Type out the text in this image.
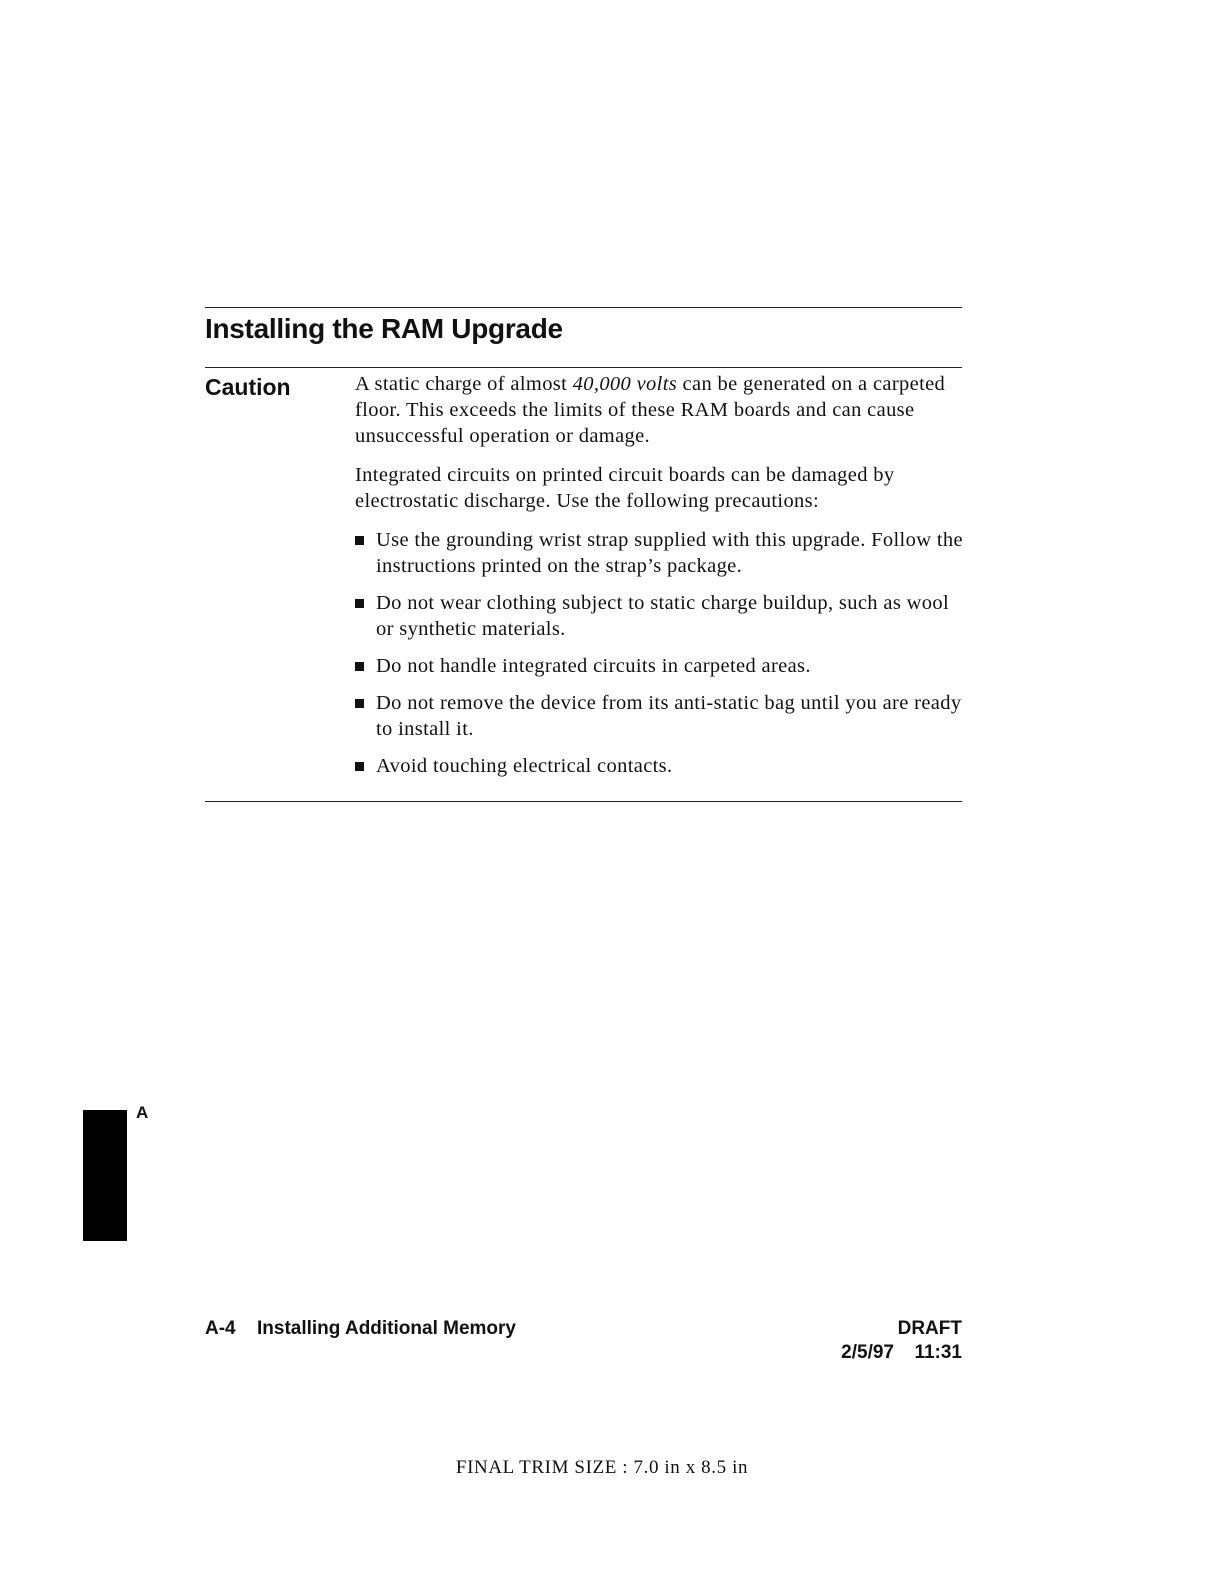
Installing the RAM Upgrade
Caution	A static charge of almost 40,000 volts can be generated on a carpeted floor. This exceeds the limits of these RAM boards and can cause unsuccessful operation or damage.

Integrated circuits on printed circuit boards can be damaged by electrostatic discharge. Use the following precautions:

Use the grounding wrist strap supplied with this upgrade. Follow the instructions printed on the strap’s package.
Do not wear clothing subject to static charge buildup, such as wool or synthetic materials.
Do not handle integrated circuits in carpeted areas.
Do not remove the device from its anti-static bag until you are ready to install it.
Avoid touching electrical contacts.
A
A-4 Installing Additional Memory	DRAFT
2/5/97 11:31
FINAL TRIM SIZE : 7.0 in x 8.5 in
